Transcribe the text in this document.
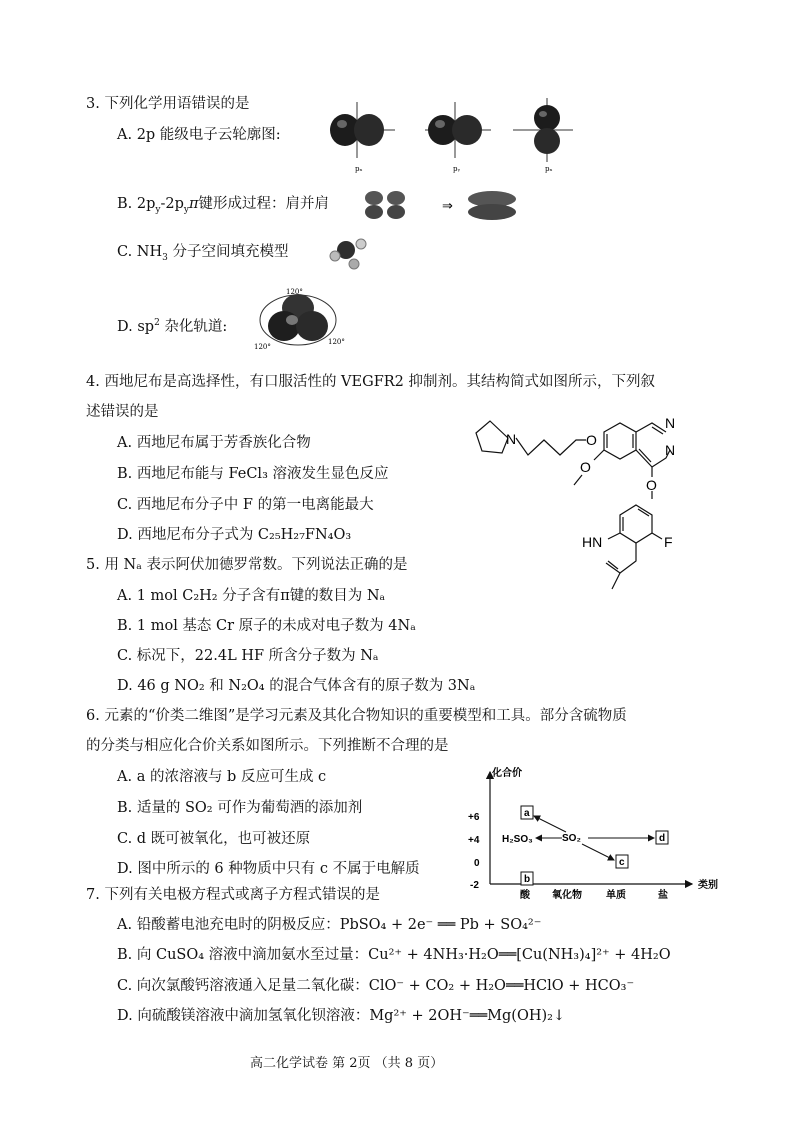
3. 下列化学用语错误的是
A. 2p 能级电子云轮廓图:
pₓ	pᵧ	pₓ
B. $2p_y-2p_y\pi$键形成过程：肩并肩	⇒
C. $NH_3$ 分子空间填充模型
D. $sp^2$ 杂化轨道:
120°
120°
120°
4. 西地尼布是高选择性，有口服活性的 VEGFR2 抑制剂。其结构简式如图所示，下列叙
述错误的是
A. 西地尼布属于芳香族化合物
B. 西地尼布能与 FeCl₃ 溶液发生显色反应
C. 西地尼布分子中 F 的第一电离能最大
D. 西地尼布分子式为 C₂₅H₂₇FN₄O₃
N	O
O
N
N
O
HN	F
5. 用 Nₐ 表示阿伏加德罗常数。下列说法正确的是
A. 1 mol C₂H₂ 分子含有π键的数目为 Nₐ
B. 1 mol 基态 Cr 原子的未成对电子数为 4Nₐ
C. 标况下，22.4L HF 所含分子数为 Nₐ
D. 46 g NO₂ 和 N₂O₄ 的混合气体含有的原子数为 3Nₐ
6. 元素的“价类二维图”是学习元素及其化合物知识的重要模型和工具。部分含硫物质
的分类与相应化合价关系如图所示。下列推断不合理的是
A. a 的浓溶液与 b 反应可生成 c
B. 适量的 SO₂ 可作为葡萄酒的添加剂
C. d 既可被氧化，也可被还原
D. 图中所示的 6 种物质中只有 c 不属于电解质
化合价
类别
+6
+4
0
-2
酸 氧化物 单质	盐
a
b
c
d
H₂SO₃	SO₂
7. 下列有关电极方程式或离子方程式错误的是
A. 铅酸蓄电池充电时的阴极反应：PbSO₄ + 2e⁻ ══ Pb + SO₄²⁻
B. 向 CuSO₄ 溶液中滴加氨水至过量：Cu²⁺ + 4NH₃·H₂O══[Cu(NH₃)₄]²⁺ + 4H₂O
C. 向次氯酸钙溶液通入足量二氧化碳：ClO⁻ + CO₂ + H₂O══HClO + HCO₃⁻
D. 向硫酸镁溶液中滴加氢氧化钡溶液：Mg²⁺ + 2OH⁻══Mg(OH)₂↓
高二化学试卷 第 2页 （共 8 页）
